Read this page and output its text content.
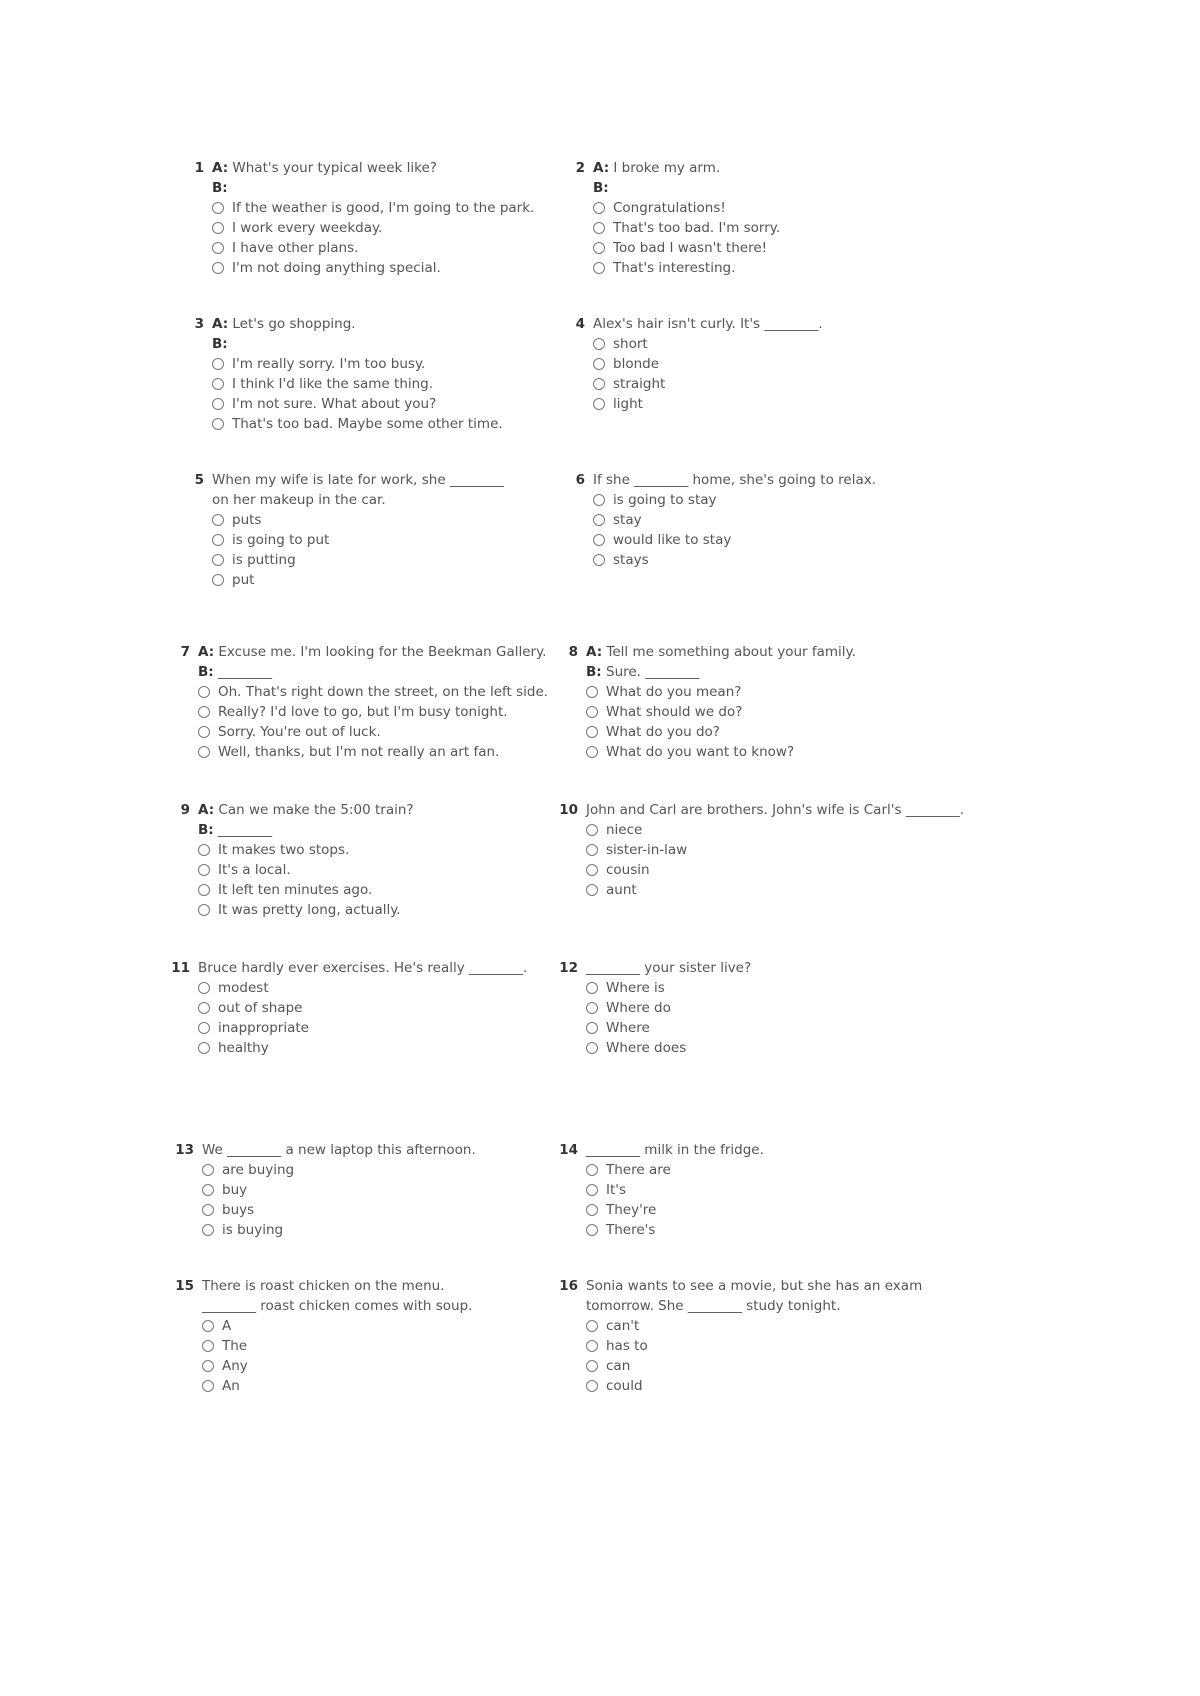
1 A: What's your typical week like?
B:
If the weather is good, I'm going to the park.
I work every weekday.
I have other plans.
I'm not doing anything special.
2 A: I broke my arm.
B:
Congratulations!
That's too bad. I'm sorry.
Too bad I wasn't there!
That's interesting.
3 A: Let's go shopping.
B:
I'm really sorry. I'm too busy.
I think I'd like the same thing.
I'm not sure. What about you?
That's too bad. Maybe some other time.
4 Alex's hair isn't curly. It's ________.
short
blonde
straight
light
5 When my wife is late for work, she ________ on her makeup in the car.
puts
is going to put
is putting
put
6 If she ________ home, she's going to relax.
is going to stay
stay
would like to stay
stays
7 A: Excuse me. I'm looking for the Beekman Gallery.
B: ________
Oh. That's right down the street, on the left side.
Really? I'd love to go, but I'm busy tonight.
Sorry. You're out of luck.
Well, thanks, but I'm not really an art fan.
8 A: Tell me something about your family.
B: Sure. ________
What do you mean?
What should we do?
What do you do?
What do you want to know?
9 A: Can we make the 5:00 train?
B: ________
It makes two stops.
It's a local.
It left ten minutes ago.
It was pretty long, actually.
10 John and Carl are brothers. John's wife is Carl's ________.
niece
sister-in-law
cousin
aunt
11 Bruce hardly ever exercises. He's really ________.
modest
out of shape
inappropriate
healthy
12 ________ your sister live?
Where is
Where do
Where
Where does
13 We ________ a new laptop this afternoon.
are buying
buy
buys
is buying
14 ________ milk in the fridge.
There are
It's
They're
There's
15 There is roast chicken on the menu. ________ roast chicken comes with soup.
A
The
Any
An
16 Sonia wants to see a movie, but she has an exam tomorrow. She ________ study tonight.
can't
has to
can
could
